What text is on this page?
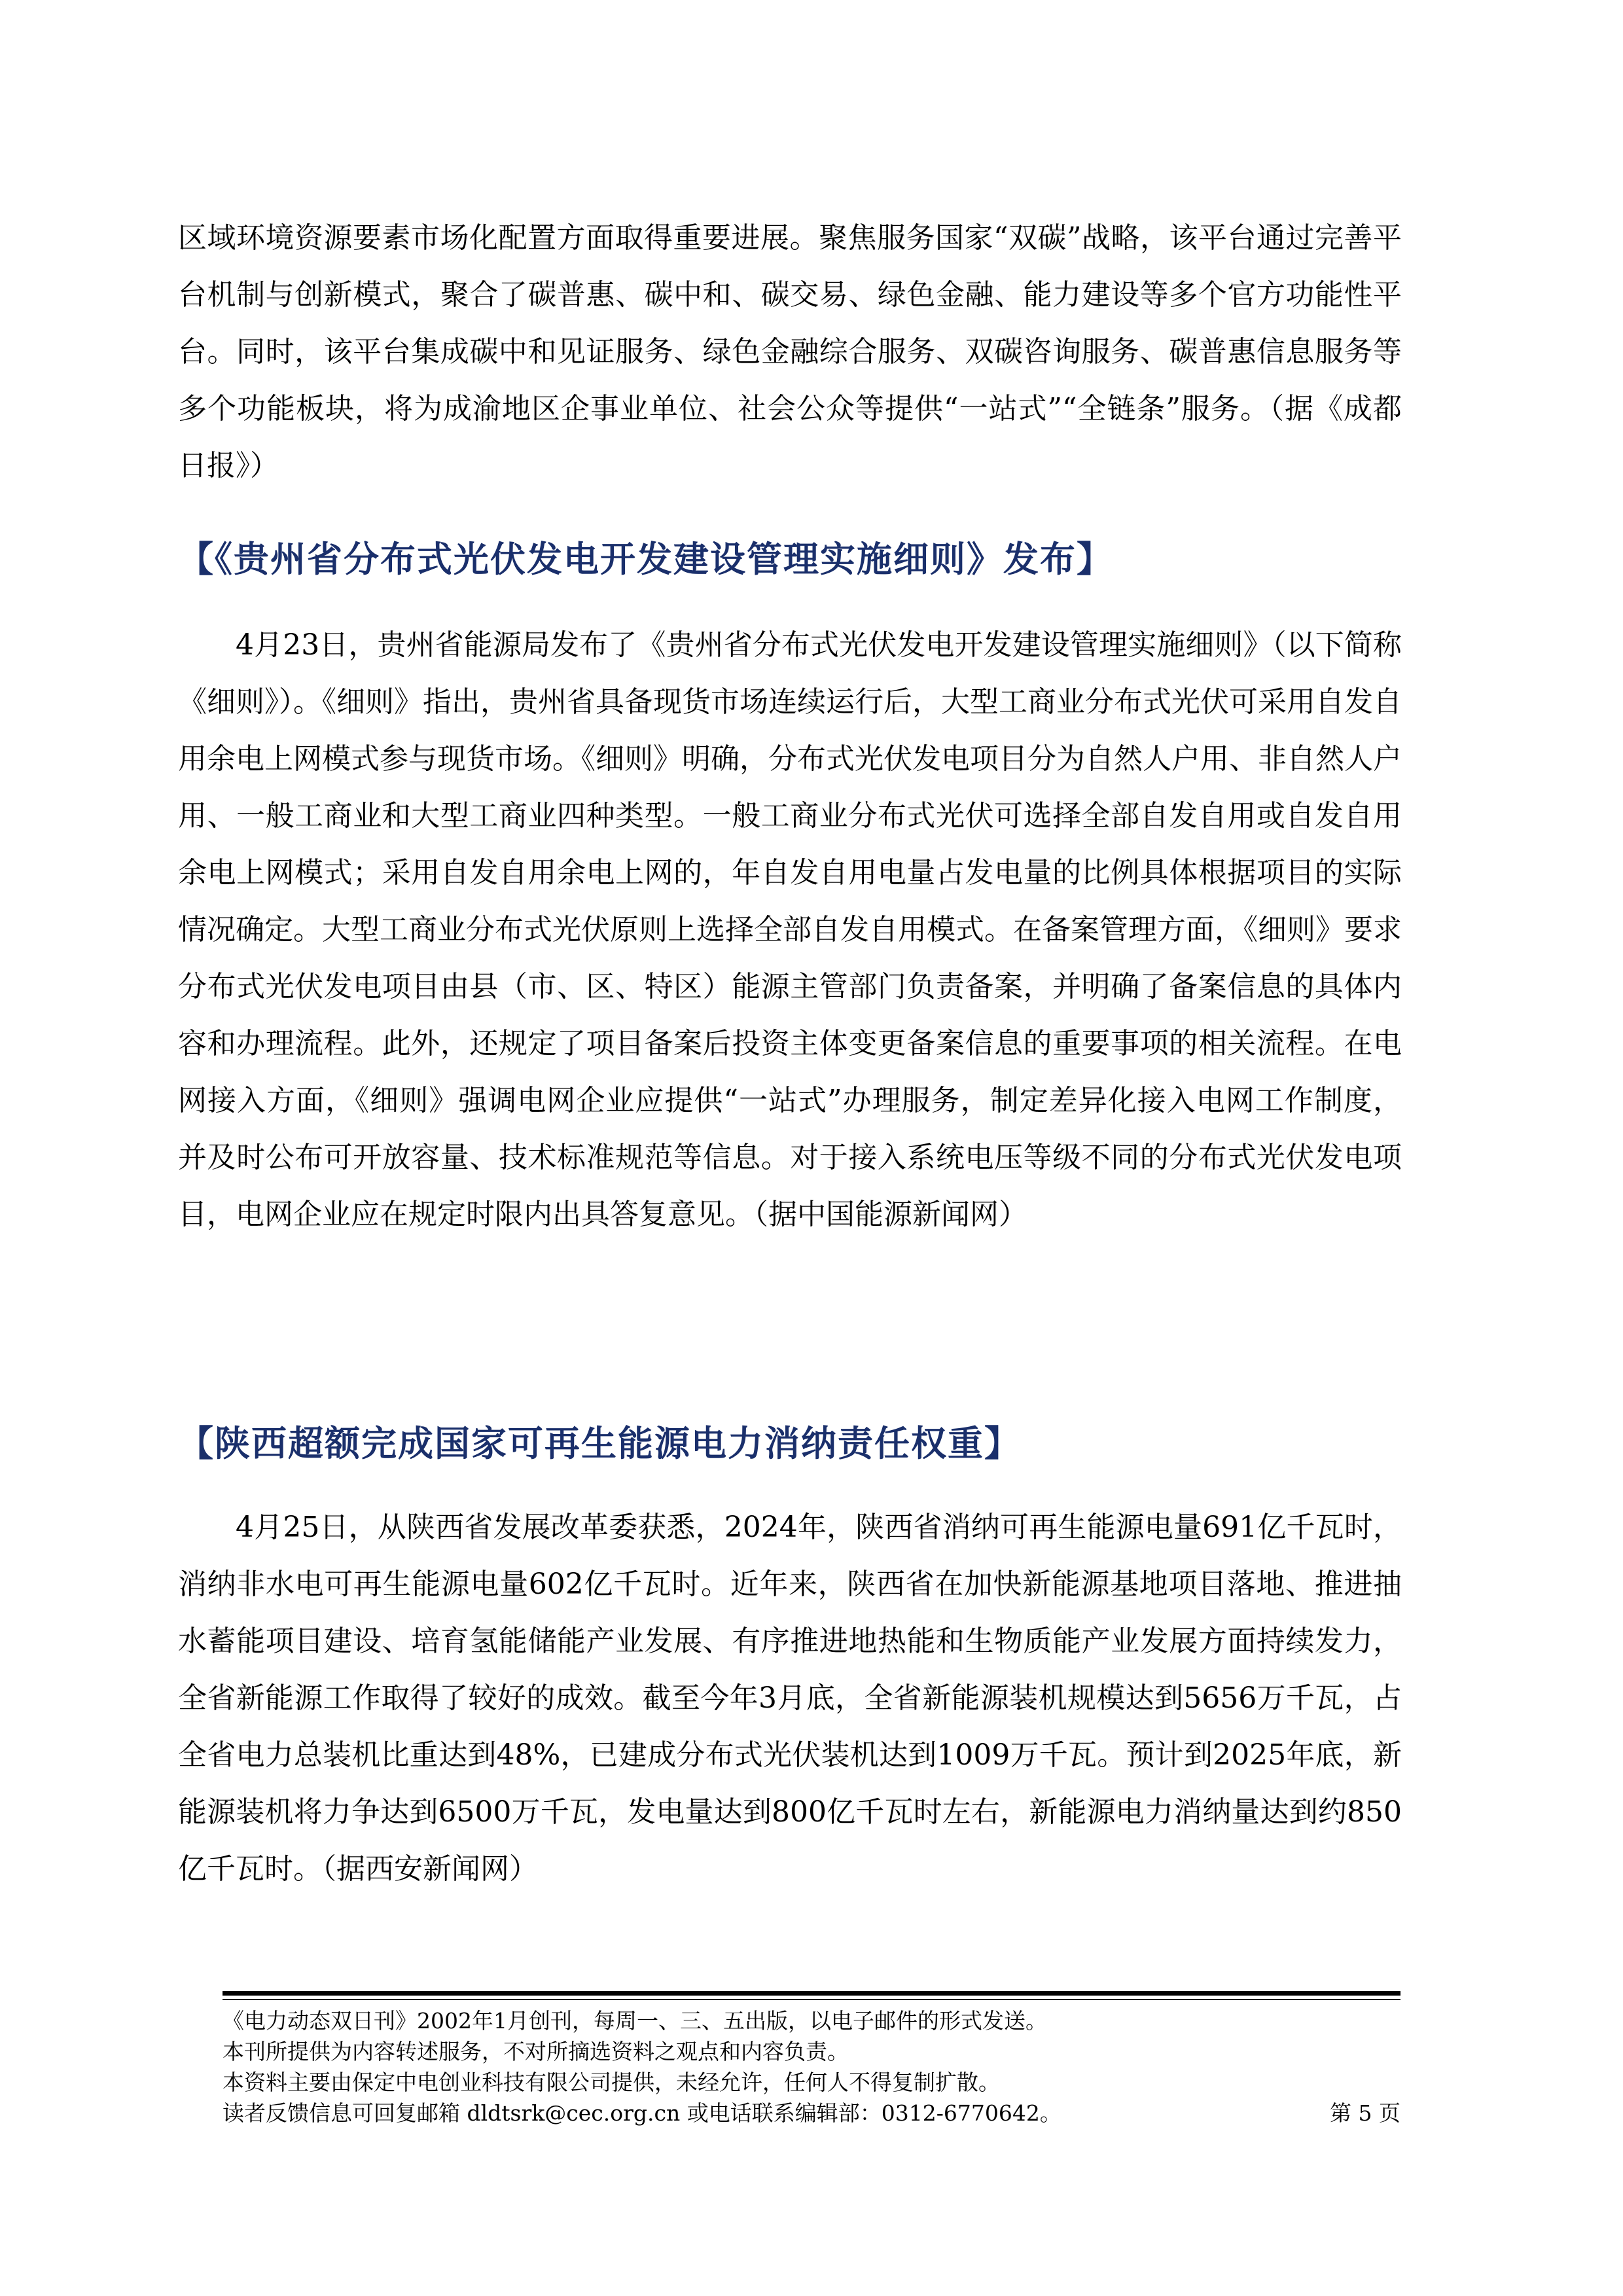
区域环境资源要素市场化配置方面取得重要进展。聚焦服务国家“双碳”战略，该平台通过完善平台机制与创新模式，聚合了碳普惠、碳中和、碳交易、绿色金融、能力建设等多个官方功能性平台。同时，该平台集成碳中和见证服务、绿色金融综合服务、双碳咨询服务、碳普惠信息服务等多个功能板块，将为成渝地区企事业单位、社会公众等提供“一站式”“全链条”服务。（据《成都日报》）

【《贵州省分布式光伏发电开发建设管理实施细则》发布】

4月23日，贵州省能源局发布了《贵州省分布式光伏发电开发建设管理实施细则》（以下简称《细则》）。《细则》指出，贵州省具备现货市场连续运行后，大型工商业分布式光伏可采用自发自用余电上网模式参与现货市场。《细则》明确，分布式光伏发电项目分为自然人户用、非自然人户用、一般工商业和大型工商业四种类型。一般工商业分布式光伏可选择全部自发自用或自发自用余电上网模式；采用自发自用余电上网的，年自发自用电量占发电量的比例具体根据项目的实际情况确定。大型工商业分布式光伏原则上选择全部自发自用模式。在备案管理方面，《细则》要求分布式光伏发电项目由县（市、区、特区）能源主管部门负责备案，并明确了备案信息的具体内容和办理流程。此外，还规定了项目备案后投资主体变更备案信息的重要事项的相关流程。在电网接入方面，《细则》强调电网企业应提供“一站式”办理服务，制定差异化接入电网工作制度，并及时公布可开放容量、技术标准规范等信息。对于接入系统电压等级不同的分布式光伏发电项目，电网企业应在规定时限内出具答复意见。（据中国能源新闻网）

【陕西超额完成国家可再生能源电力消纳责任权重】

4月25日，从陕西省发展改革委获悉，2024年，陕西省消纳可再生能源电量691亿千瓦时，消纳非水电可再生能源电量602亿千瓦时。近年来，陕西省在加快新能源基地项目落地、推进抽水蓄能项目建设、培育氢能储能产业发展、有序推进地热能和生物质能产业发展方面持续发力，全省新能源工作取得了较好的成效。截至今年3月底，全省新能源装机规模达到5656万千瓦，占全省电力总装机比重达到48%，已建成分布式光伏装机达到1009万千瓦。预计到2025年底，新能源装机将力争达到6500万千瓦，发电量达到800亿千瓦时左右，新能源电力消纳量达到约850亿千瓦时。（据西安新闻网）

《电力动态双日刊》2002年1月创刊，每周一、三、五出版，以电子邮件的形式发送。

本刊所提供为内容转述服务，不对所摘选资料之观点和内容负责。

本资料主要由保定中电创业科技有限公司提供，未经允许，任何人不得复制扩散。

读者反馈信息可回复邮箱 dldtsrk@cec.org.cn 或电话联系编辑部：0312-6770642。	第 5 页
